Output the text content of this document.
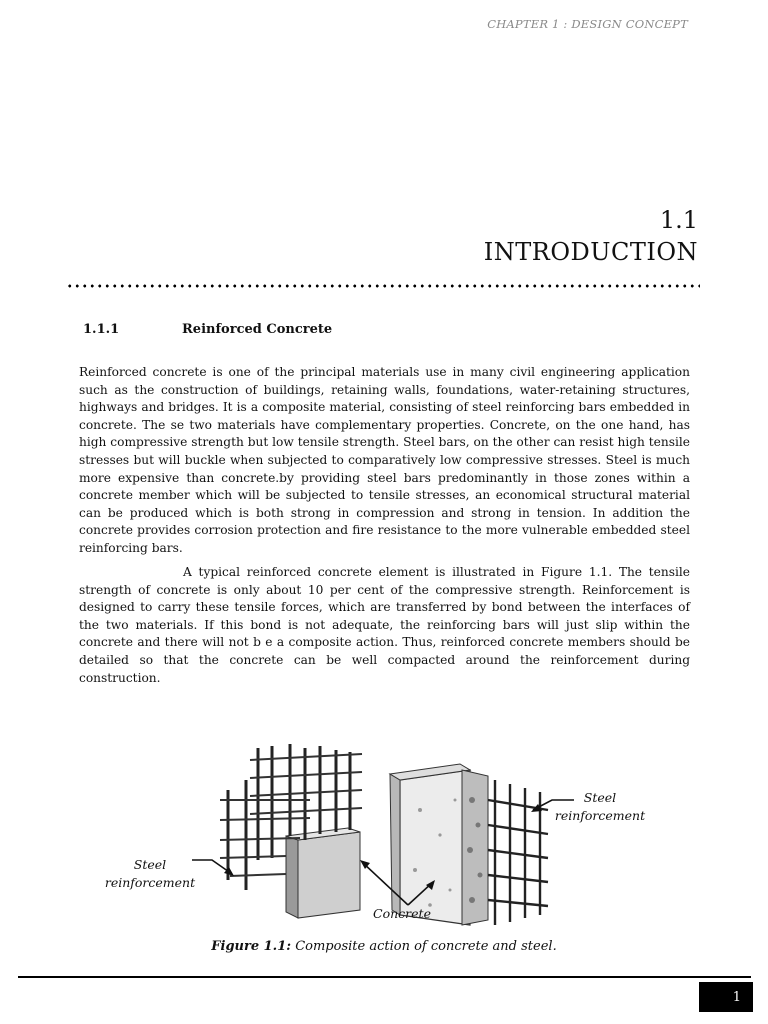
CHAPTER 1 : DESIGN CONCEPT
1.1
INTRODUCTION
1.1.1	Reinforced Concrete
Reinforced concrete is one of the principal materials use in many civil engineering application such as the construction of buildings, retaining walls, foundations, water-retaining structures, highways and bridges. It is a composite material, consisting of steel reinforcing bars embedded in concrete. The se two materials have complementary properties. Concrete, on the one hand, has high compressive strength but low tensile strength. Steel bars, on the other can resist high tensile stresses but will buckle when subjected to comparatively low compressive stresses. Steel is much more expensive than concrete.by providing steel bars predominantly in those zones within a concrete member which will be subjected to tensile stresses, an economical structural material can be produced which is both strong in compression and strong in tension. In addition the concrete provides corrosion protection and fire resistance to the more vulnerable embedded steel reinforcing bars.
A typical reinforced concrete element is illustrated in Figure 1.1. The tensile strength of concrete is only about 10 per cent of the compressive strength. Reinforcement is designed to carry these tensile forces, which are transferred by bond between the interfaces of the two materials. If this bond is not adequate, the reinforcing bars will just slip within the concrete and there will not b e a composite action. Thus, reinforced concrete members should be detailed so that the concrete can be well compacted around the reinforcement during construction.
Steel
reinforcement
Steel
reinforcement
Concrete
Figure 1.1: Composite action of concrete and steel.
1
